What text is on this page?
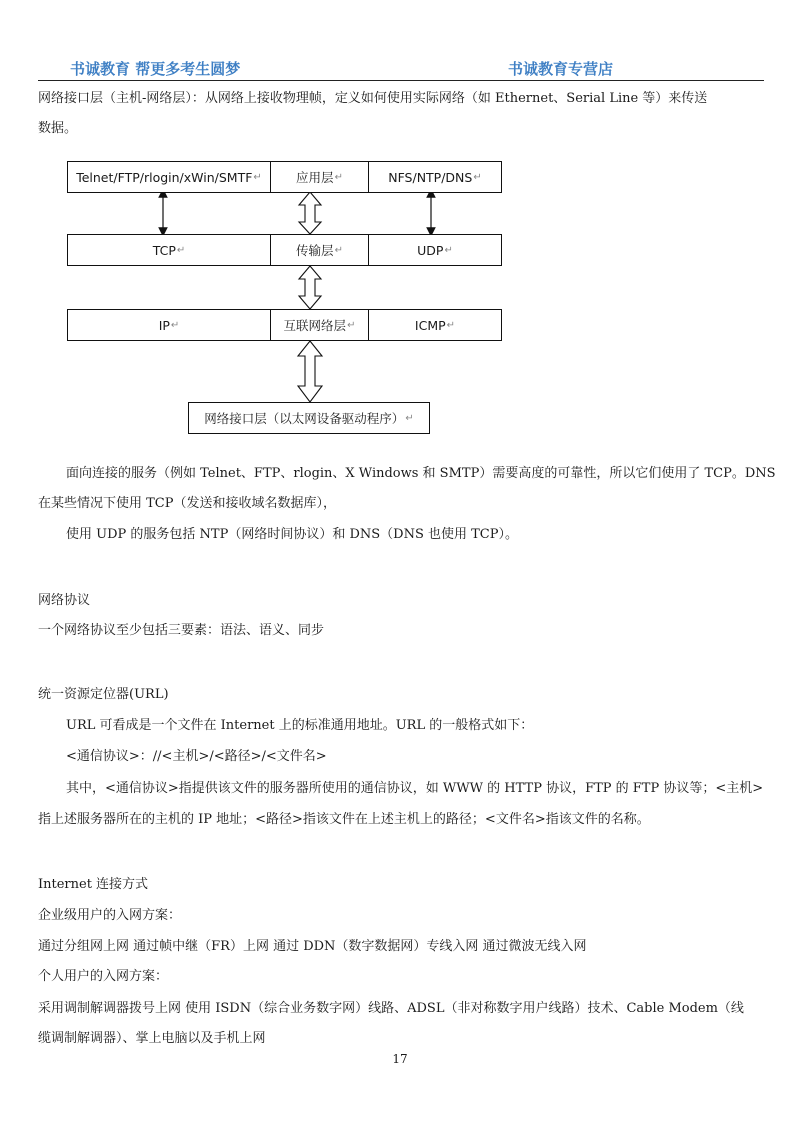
书诚教育 帮更多考生圆梦	书诚教育专营店

网络接口层（主机-网络层）：从网络上接收物理帧，定义如何使用实际网络（如 Ethernet、Serial Line 等）来传送

数据。

Telnet/FTP/rlogin/xWin/SMTF ↵	应用层 ↵	NFS/NTP/DNS ↵
TCP ↵	传输层 ↵	UDP ↵
IP ↵	互联网络层 ↵	ICMP ↵
网络接口层（以太网设备驱动程序） ↵

面向连接的服务（例如 Telnet、FTP、rlogin、X Windows 和 SMTP）需要高度的可靠性，所以它们使用了 TCP。DNS

在某些情况下使用 TCP（发送和接收域名数据库），

使用 UDP 的服务包括 NTP（网络时间协议）和 DNS（DNS 也使用 TCP）。

网络协议

一个网络协议至少包括三要素：语法、语义、同步

统一资源定位器(URL)

URL 可看成是一个文件在 Internet 上的标准通用地址。URL 的一般格式如下：

<通信协议>：//<主机>/<路径>/<文件名>

其中，<通信协议>指提供该文件的服务器所使用的通信协议，如 WWW 的 HTTP 协议，FTP 的 FTP 协议等；<主机>

指上述服务器所在的主机的 IP 地址；<路径>指该文件在上述主机上的路径；<文件名>指该文件的名称。

Internet 连接方式

企业级用户的入网方案：

通过分组网上网 通过帧中继（FR）上网 通过 DDN（数字数据网）专线入网 通过微波无线入网

个人用户的入网方案：

采用调制解调器拨号上网 使用 ISDN（综合业务数字网）线路、ADSL（非对称数字用户线路）技术、Cable Modem（线

缆调制解调器）、掌上电脑以及手机上网

17
